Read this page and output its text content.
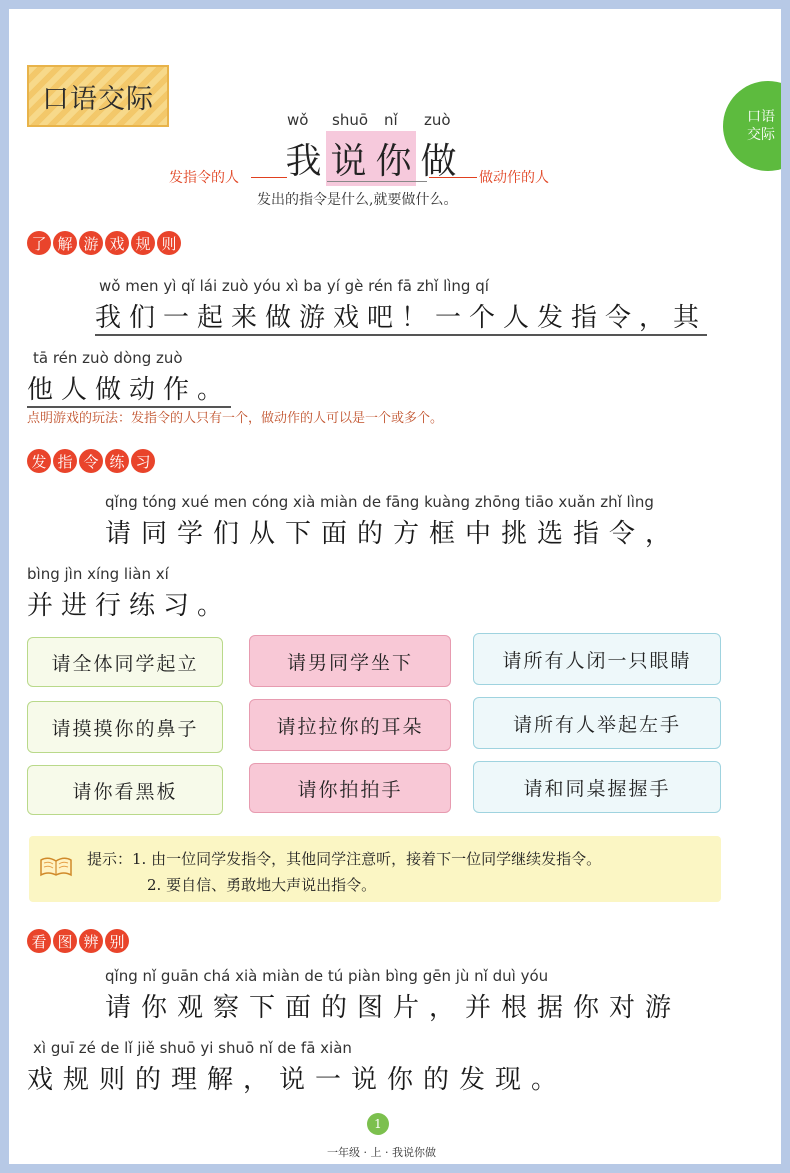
口语交际
口语
交际
wǒ shuō nǐ zuò
我 说 你 做
发指令的人	做动作的人
发出的指令是什么,就要做什么。
了 解 游 戏 规 则
wǒ men yì qǐ lái zuò yóu xì ba yí gè rén fā zhǐ lìng qí
我们一起来做游戏吧！一个人发指令，其
tā rén zuò dòng zuò
他人做动作。
点明游戏的玩法：发指令的人只有一个，做动作的人可以是一个或多个。
发 指 令 练 习
qǐng tóng xué men cóng xià miàn de fāng kuàng zhōng tiāo xuǎn zhǐ lìng
请同学们从下面的方框中挑选指令，
bìng jìn xíng liàn xí
并进行练习。
请全体同学起立	请男同学坐下	请所有人闭一只眼睛
请摸摸你的鼻子	请拉拉你的耳朵	请所有人举起左手
请你看黑板	请你拍拍手	请和同桌握握手
提示：1. 由一位同学发指令，其他同学注意听，接着下一位同学继续发指令。
2. 要自信、勇敢地大声说出指令。
看 图 辨 别
qǐng nǐ guān chá xià miàn de tú piàn bìng gēn jù nǐ duì yóu
请你观察下面的图片，并根据你对游
xì guī zé de lǐ jiě shuō yi shuō nǐ de fā xiàn
戏规则的理解，说一说你的发现。
1
一年级 · 上 · 我说你做
